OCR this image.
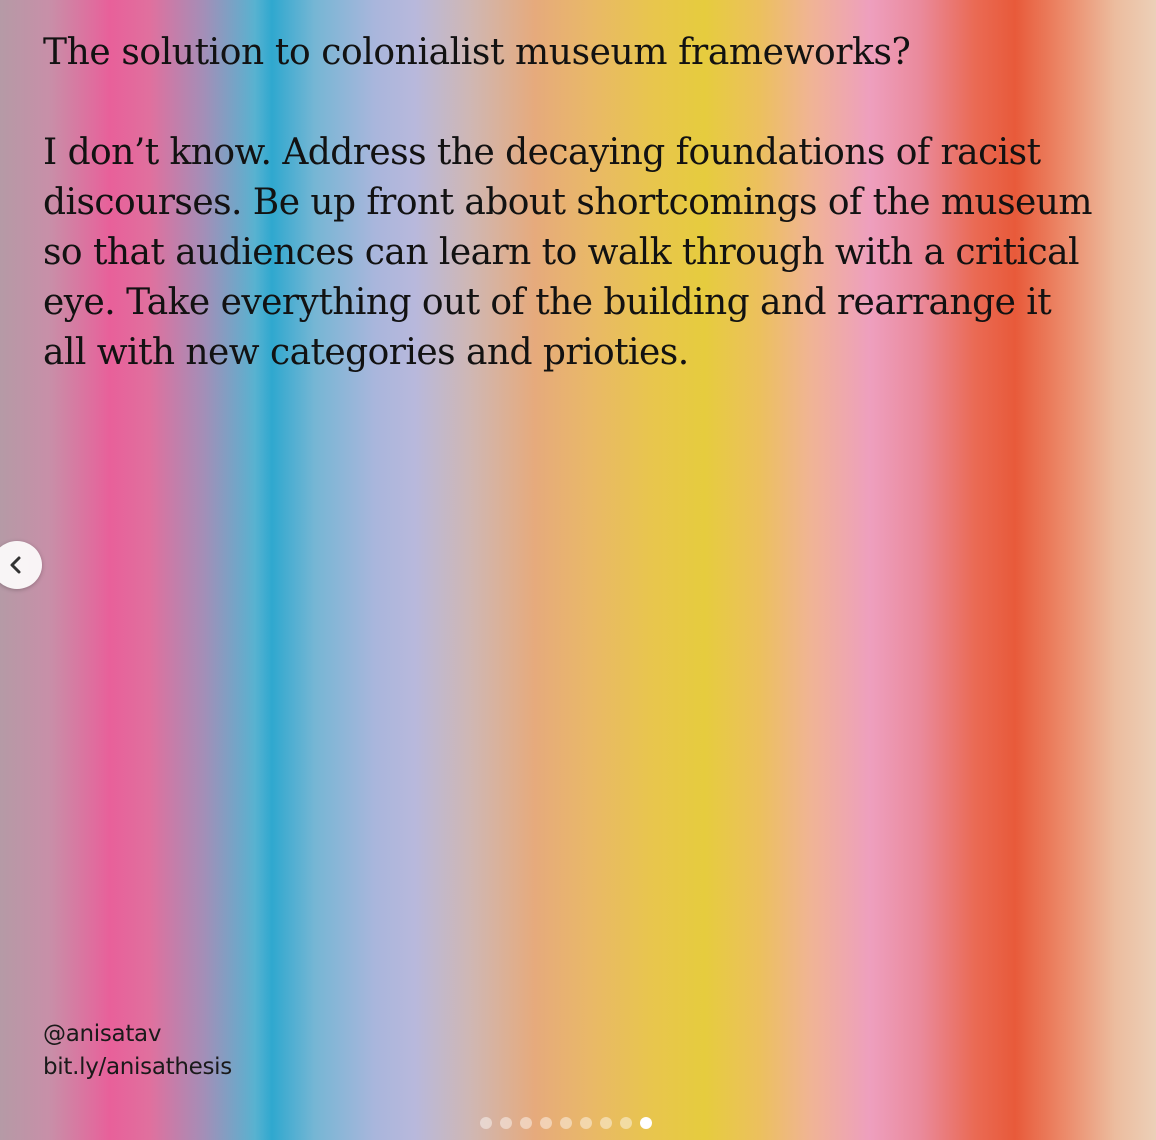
The solution to colonialist museum frameworks?

I don’t know. Address the decaying foundations of racist
discourses. Be up front about shortcomings of the museum
so that audiences can learn to walk through with a critical
eye. Take everything out of the building and rearrange it
all with new categories and prioties.

@anisatav
bit.ly/anisathesis
